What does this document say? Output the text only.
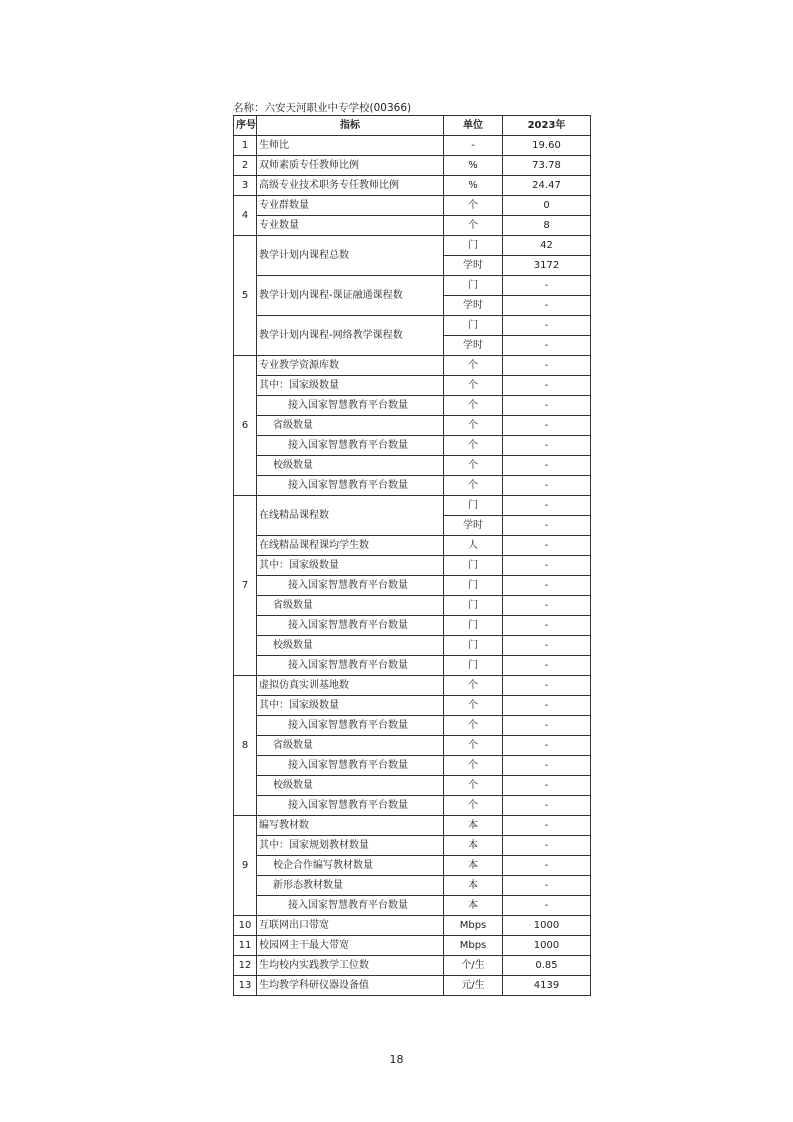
名称：六安天河职业中专学校(00366)
序号	指标	单位	2023年
1	生师比	-	19.60
2	双师素质专任教师比例	%	73.78
3	高级专业技术职务专任教师比例	%	24.47
4	专业群数量	个	0
	专业数量	个	8
5	教学计划内课程总数	门	42
		学时	3172
	教学计划内课程-课证融通课程数	门	-
		学时	-
	教学计划内课程-网络教学课程数	门	-
		学时	-
6	专业教学资源库数	个	-
	其中：国家级数量	个	-
	接入国家智慧教育平台数量	个	-
	省级数量	个	-
	接入国家智慧教育平台数量	个	-
	校级数量	个	-
	接入国家智慧教育平台数量	个	-
7	在线精品课程数	门	-
		学时	-
	在线精品课程课均学生数	人	-
	其中：国家级数量	门	-
	接入国家智慧教育平台数量	门	-
	省级数量	门	-
	接入国家智慧教育平台数量	门	-
	校级数量	门	-
	接入国家智慧教育平台数量	门	-
8	虚拟仿真实训基地数	个	-
	其中：国家级数量	个	-
	接入国家智慧教育平台数量	个	-
	省级数量	个	-
	接入国家智慧教育平台数量	个	-
	校级数量	个	-
	接入国家智慧教育平台数量	个	-
9	编写教材数	本	-
	其中：国家规划教材数量	本	-
	校企合作编写教材数量	本	-
	新形态教材数量	本	-
	接入国家智慧教育平台数量	本	-
10	互联网出口带宽	Mbps	1000
11	校园网主干最大带宽	Mbps	1000
12	生均校内实践教学工位数	个/生	0.85
13	生均教学科研仪器设备值	元/生	4139
18
